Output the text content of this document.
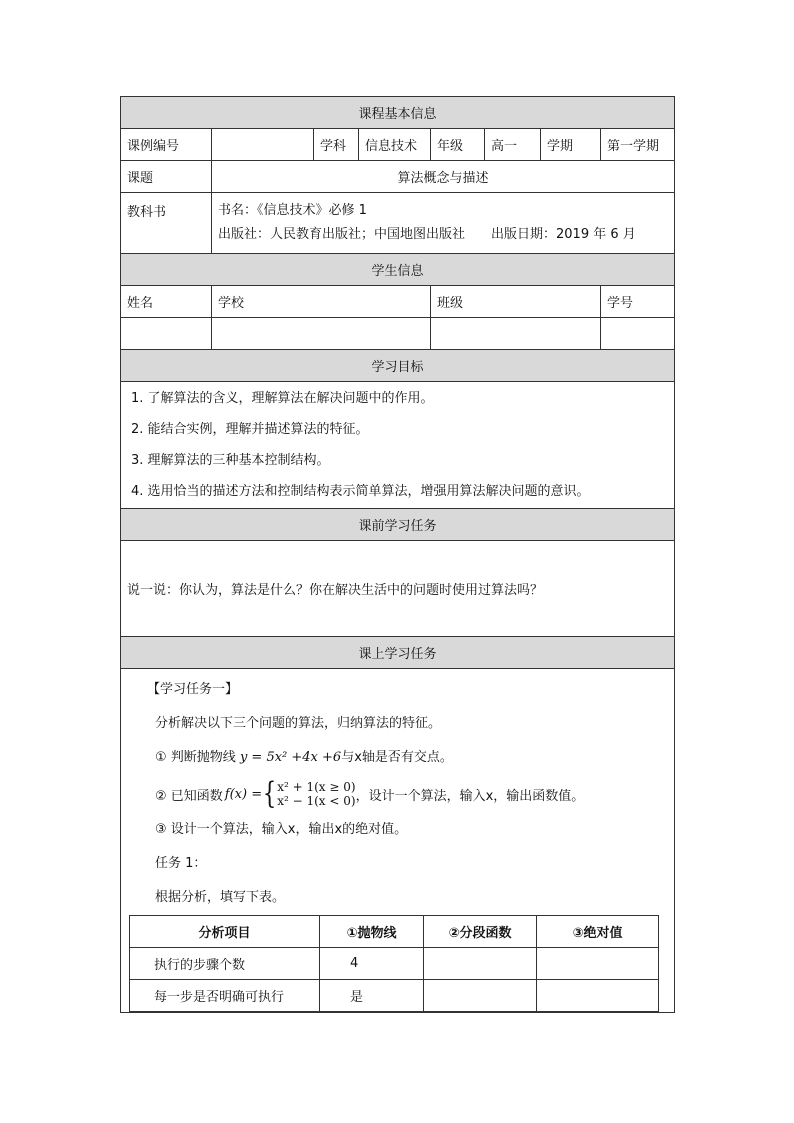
课程基本信息
课例编号		学科	信息技术	年级	高一	学期	第一学期
课题	算法概念与描述
教科书	书名：《信息技术》必修 1
出版社：人民教育出版社；中国地图出版社　　出版日期：2019 年 6 月

学生信息
姓名	学校	班级	学号

学习目标

1. 了解算法的含义，理解算法在解决问题中的作用。
2. 能结合实例，理解并描述算法的特征。
3. 理解算法的三种基本控制结构。
4. 选用恰当的描述方法和控制结构表示简单算法，增强用算法解决问题的意识。

课前学习任务
说一说：你认为，算法是什么？你在解决生活中的问题时使用过算法吗？
课上学习任务

【学习任务一】
分析解决以下三个问题的算法，归纳算法的特征。
① 判断抛物线 y = 5x² +4x +6与x轴是否有交点。
② 已知函数 f(x) = { x² + 1(x ≥ 0)
x² − 1(x < 0) ，设计一个算法，输入x，输出函数值。
③ 设计一个算法，输入x，输出x的绝对值。
任务 1：
根据分析，填写下表。
分析项目	①抛物线	②分段函数	③绝对值
执行的步骤个数	4		
每一步是否明确可执行	是		
